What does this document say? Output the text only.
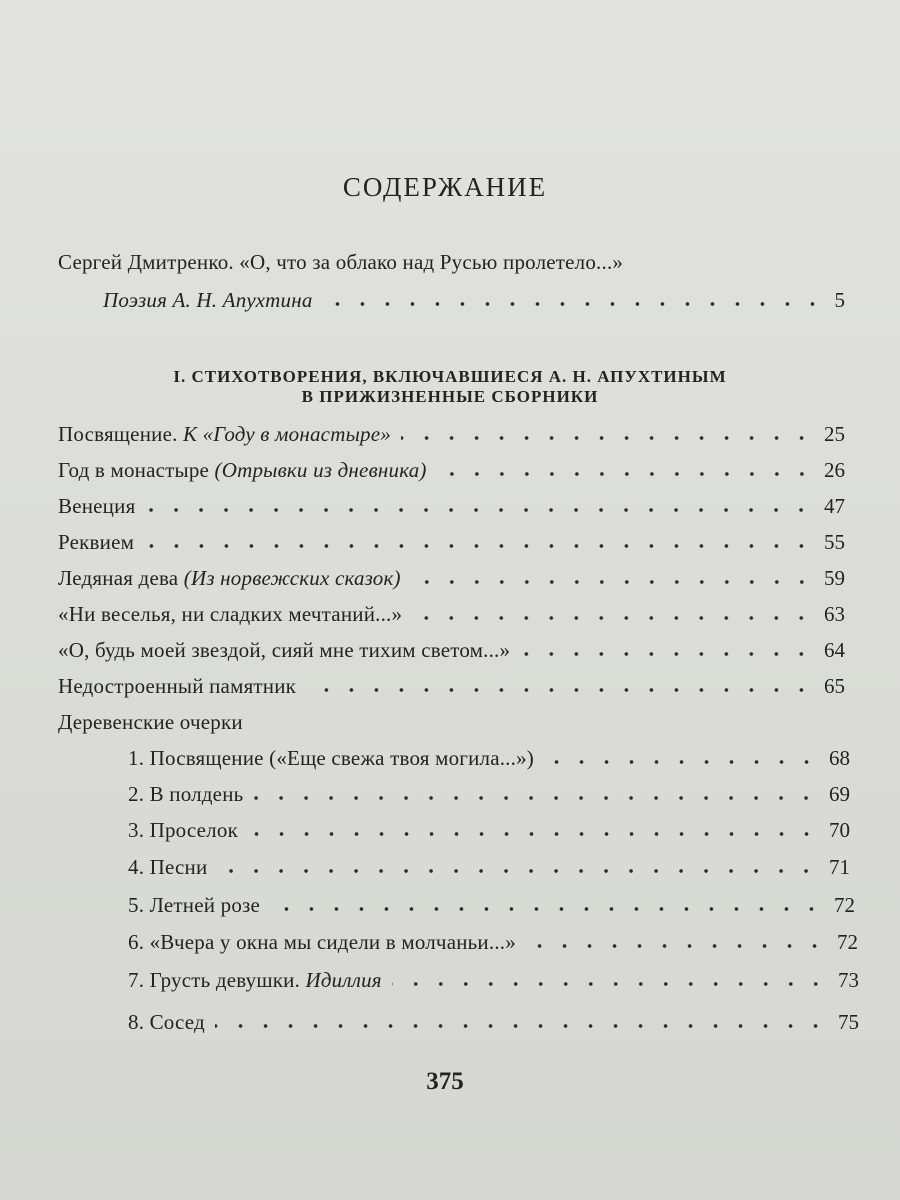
СОДЕРЖАНИЕ
Сергей Дмитренко. «О, что за облако над Русью пролетело...»
Поэзия А. Н. Апухтина	5
I. СТИХОТВОРЕНИЯ, ВКЛЮЧАВШИЕСЯ А. Н. АПУХТИНЫМ
В ПРИЖИЗНЕННЫЕ СБОРНИКИ
Посвящение. К «Году в монастыре»	25
Год в монастыре (Отрывки из дневника)	26
Венеция	47
Реквием	55
Ледяная дева (Из норвежских сказок)	59
«Ни веселья, ни сладких мечтаний...»	63
«О, будь моей звездой, сияй мне тихим светом...»	64
Недостроенный памятник	65
Деревенские очерки
1. Посвящение («Еще свежа твоя могила...»)	68
2. В полдень	69
3. Проселок	70
4. Песни	71
5. Летней розе	72
6. «Вчера у окна мы сидели в молчаньи...»	72
7. Грусть девушки. Идиллия	73
8. Сосед	75
375
